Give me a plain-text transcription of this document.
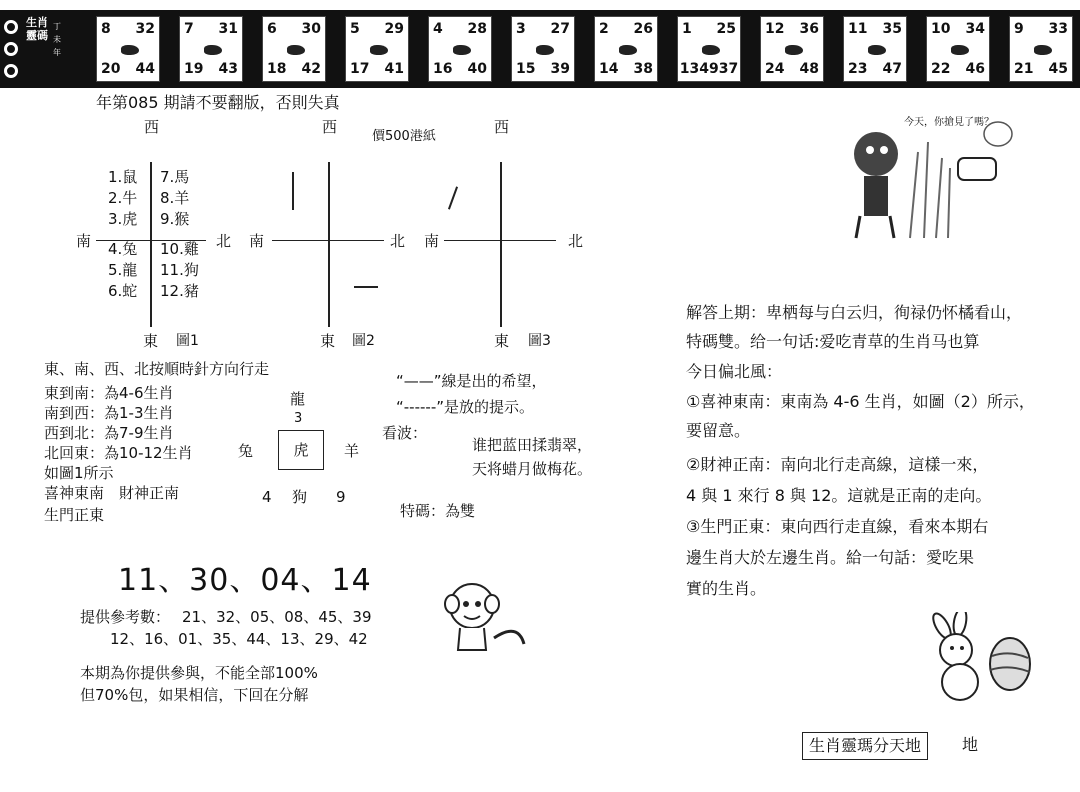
生肖靈碼
丁未年
8 32
20 44
7 31
19 43
6 30
18 42
5 29
17 41
4 28
16 40
3 27
15 39
2 26
14 38
1 25
134937
12 36
24 48
11 35
23 47
10 34
22 46
9 33
21 45
年第085 期請不要翻版，否則失真
價500港紙
西
南	北
東 圖1
1.鼠
2.牛
3.虎
4.兔
5.龍
6.蛇
7.馬
8.羊
9.猴
10.雞
11.狗
12.豬
西
南	北
東 圖2
西
南	北
東 圖3
東、南、西、北按順時針方向行走
東到南：為4-6生肖
南到西：為1-3生肖
西到北：為7-9生肖
北回東：為10-12生肖
如圖1所示
喜神東南　財神正南
生門正東
龍
3
兔	虎	羊
4 狗 9
“——”線是出的希望，
“------”是放的提示。
看波：
谁把蓝田揉翡翠，
天将蜡月做梅花。
特碼：為雙
11、30、04、14
提供參考數： 21、32、05、08、45、39
12、16、01、35、44、13、29、42
本期為你提供參與，不能全部100%
但70%包，如果相信，下回在分解
今天，你搶見了嗎？
解答上期：卑栖每与白云归，徇禄仍怀橘看山，
特碼雙。给一句话:爱吃青草的生肖马也算
今日偏北風：
①喜神東南：東南為 4-6 生肖，如圖（2）所示，
要留意。
②財神正南：南向北行走高線，這樣一來，
4 與 1 來行 8 與 12。這就是正南的走向。
③生門正東：東向西行走直線，看來本期右
邊生肖大於左邊生肖。給一句話：愛吃果
實的生肖。
生肖靈瑪分天地	地
